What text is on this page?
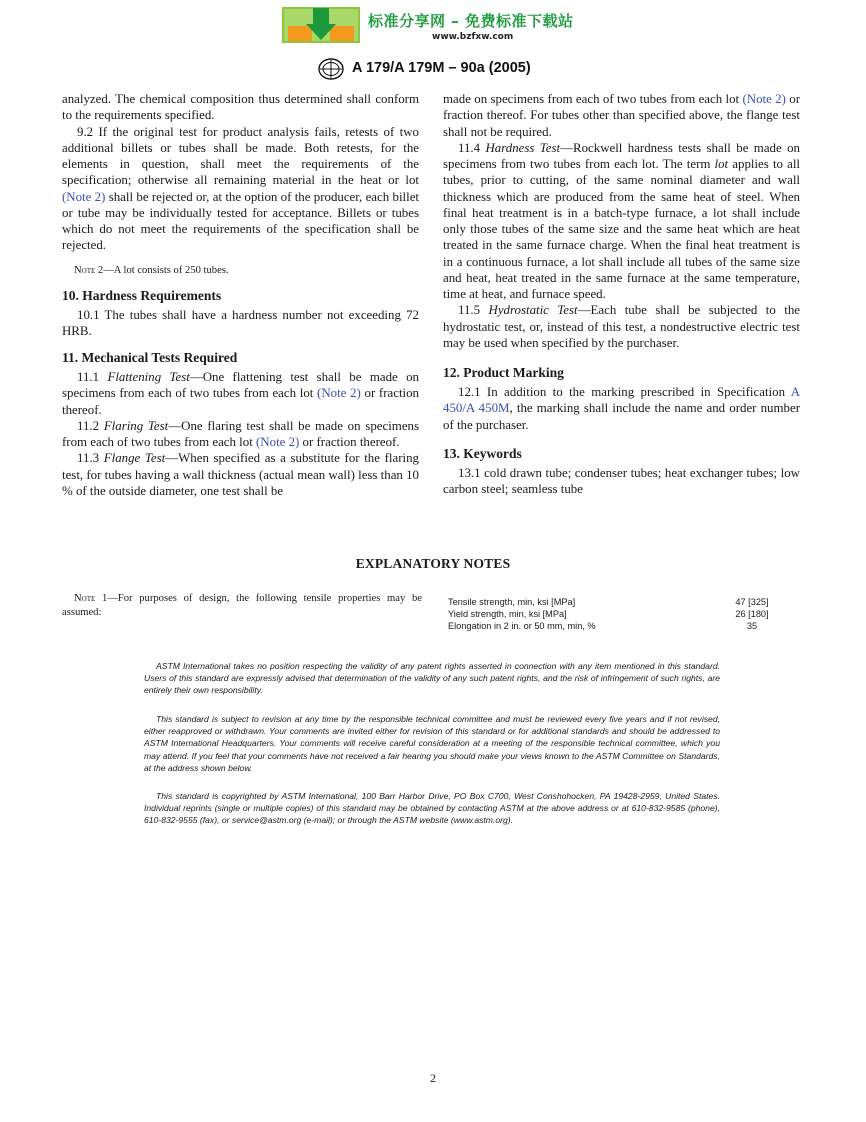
标准分享网 – 免费标准下载站
www.bzfxw.com
A 179/A 179M – 90a (2005)

analyzed. The chemical composition thus determined shall conform to the requirements specified.

9.2 If the original test for product analysis fails, retests of two additional billets or tubes shall be made. Both retests, for the elements in question, shall meet the requirements of the specification; otherwise all remaining material in the heat or lot (Note 2) shall be rejected or, at the option of the producer, each billet or tube may be individually tested for acceptance. Billets or tubes which do not meet the requirements of the specification shall be rejected.

Note 2—A lot consists of 250 tubes.

10. Hardness Requirements

10.1 The tubes shall have a hardness number not exceeding 72 HRB.

11. Mechanical Tests Required

11.1 Flattening Test—One flattening test shall be made on specimens from each of two tubes from each lot (Note 2) or fraction thereof.

11.2 Flaring Test—One flaring test shall be made on specimens from each of two tubes from each lot (Note 2) or fraction thereof.

11.3 Flange Test—When specified as a substitute for the flaring test, for tubes having a wall thickness (actual mean wall) less than 10 % of the outside diameter, one test shall be

made on specimens from each of two tubes from each lot (Note 2) or fraction thereof. For tubes other than specified above, the flange test shall not be required.

11.4 Hardness Test—Rockwell hardness tests shall be made on specimens from two tubes from each lot. The term lot applies to all tubes, prior to cutting, of the same nominal diameter and wall thickness which are produced from the same heat of steel. When final heat treatment is in a batch-type furnace, a lot shall include only those tubes of the same size and the same heat which are heat treated in the same furnace charge. When the final heat treatment is in a continuous furnace, a lot shall include all tubes of the same size and heat, heat treated in the same furnace at the same temperature, time at heat, and furnace speed.

11.5 Hydrostatic Test—Each tube shall be subjected to the hydrostatic test, or, instead of this test, a nondestructive electric test may be used when specified by the purchaser.

12. Product Marking

12.1 In addition to the marking prescribed in Specification A 450/A 450M, the marking shall include the name and order number of the purchaser.

13. Keywords

13.1 cold drawn tube; condenser tubes; heat exchanger tubes; low carbon steel; seamless tube

EXPLANATORY NOTES
Note 1—For purposes of design, the following tensile properties may be assumed:
Tensile strength, min, ksi [MPa]	47 [325]
Yield strength, min, ksi [MPa]	26 [180]
Elongation in 2 in. or 50 mm, min, %	35

ASTM International takes no position respecting the validity of any patent rights asserted in connection with any item mentioned in this standard. Users of this standard are expressly advised that determination of the validity of any such patent rights, and the risk of infringement of such rights, are entirely their own responsibility.

This standard is subject to revision at any time by the responsible technical committee and must be reviewed every five years and if not revised, either reapproved or withdrawn. Your comments are invited either for revision of this standard or for additional standards and should be addressed to ASTM International Headquarters. Your comments will receive careful consideration at a meeting of the responsible technical committee, which you may attend. If you feel that your comments have not received a fair hearing you should make your views known to the ASTM Committee on Standards, at the address shown below.

This standard is copyrighted by ASTM International, 100 Barr Harbor Drive, PO Box C700, West Conshohocken, PA 19428-2959, United States. Individual reprints (single or multiple copies) of this standard may be obtained by contacting ASTM at the above address or at 610-832-9585 (phone), 610-832-9555 (fax), or service@astm.org (e-mail); or through the ASTM website (www.astm.org).

2
